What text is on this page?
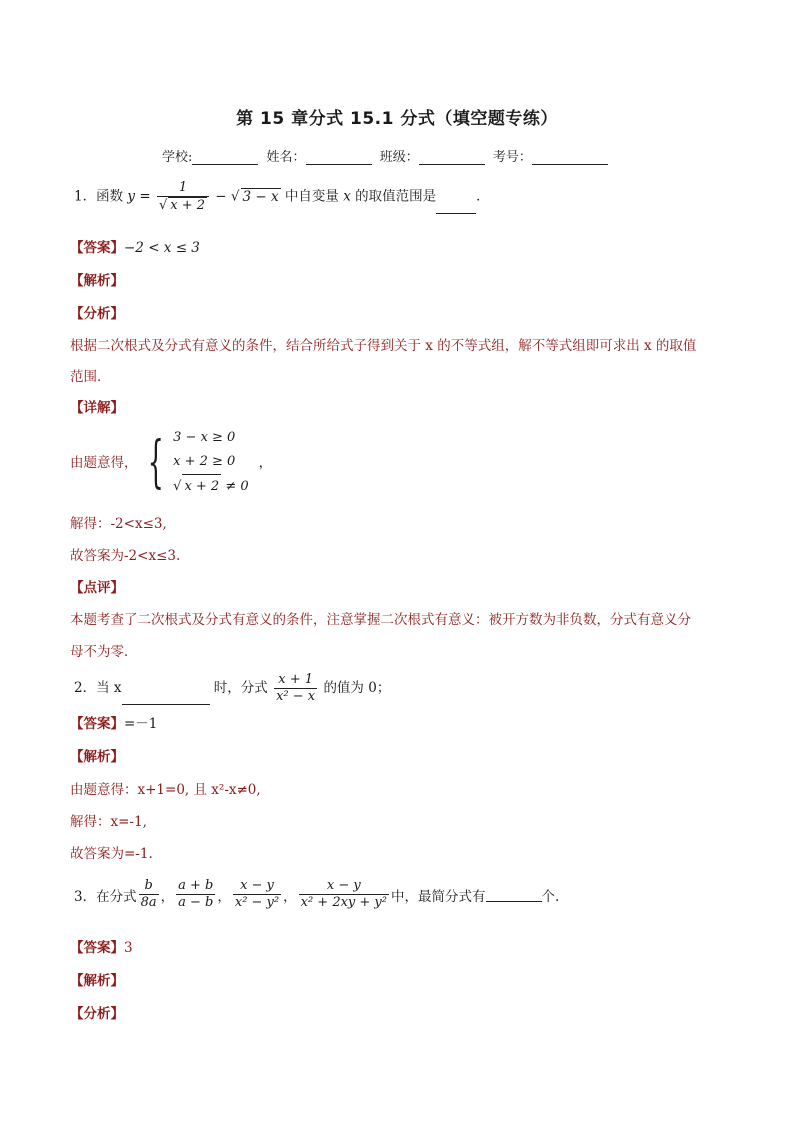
第 15 章分式 15.1 分式（填空题专练）
学校:	姓名：	班级：	考号：
1．函数 $y = \frac{1}{√ x + 2}$ − √ 3 − x 中自变量 x 的取值范围是	．
【答案】−2 < x ≤ 3
【解析】
【分析】
根据二次根式及分式有意义的条件，结合所给式子得到关于 x 的不等式组，解不等式组即可求出 x 的取值
范围．
【详解】
由题意得， { 3 − x ≥ 0
x + 2 ≥ 0
√ x + 2 ≠ 0
，
解得：-2<x≤3,
故答案为-2<x≤3.
【点评】
本题考查了二次根式及分式有意义的条件，注意掌握二次根式有意义：被开方数为非负数，分式有意义分
母不为零．
2．当 x	时，分式 $\frac{x + 1}{\text{x² − x}}$ 的值为 0；
【答案】=－1
【解析】
由题意得：x+1=0, 且 x²-x≠0,
解得：x=-1,
故答案为=-1.
3．在分式 $\frac{b}{8a}$ ， $\frac{a + b}{a - b}$ ， $\frac{x - y}{\text{x² − y²}}$ ， $\frac{x - y}{\text{x² + 2xy + y²}}$ 中，最简分式有	个.
【答案】3
【解析】
【分析】
